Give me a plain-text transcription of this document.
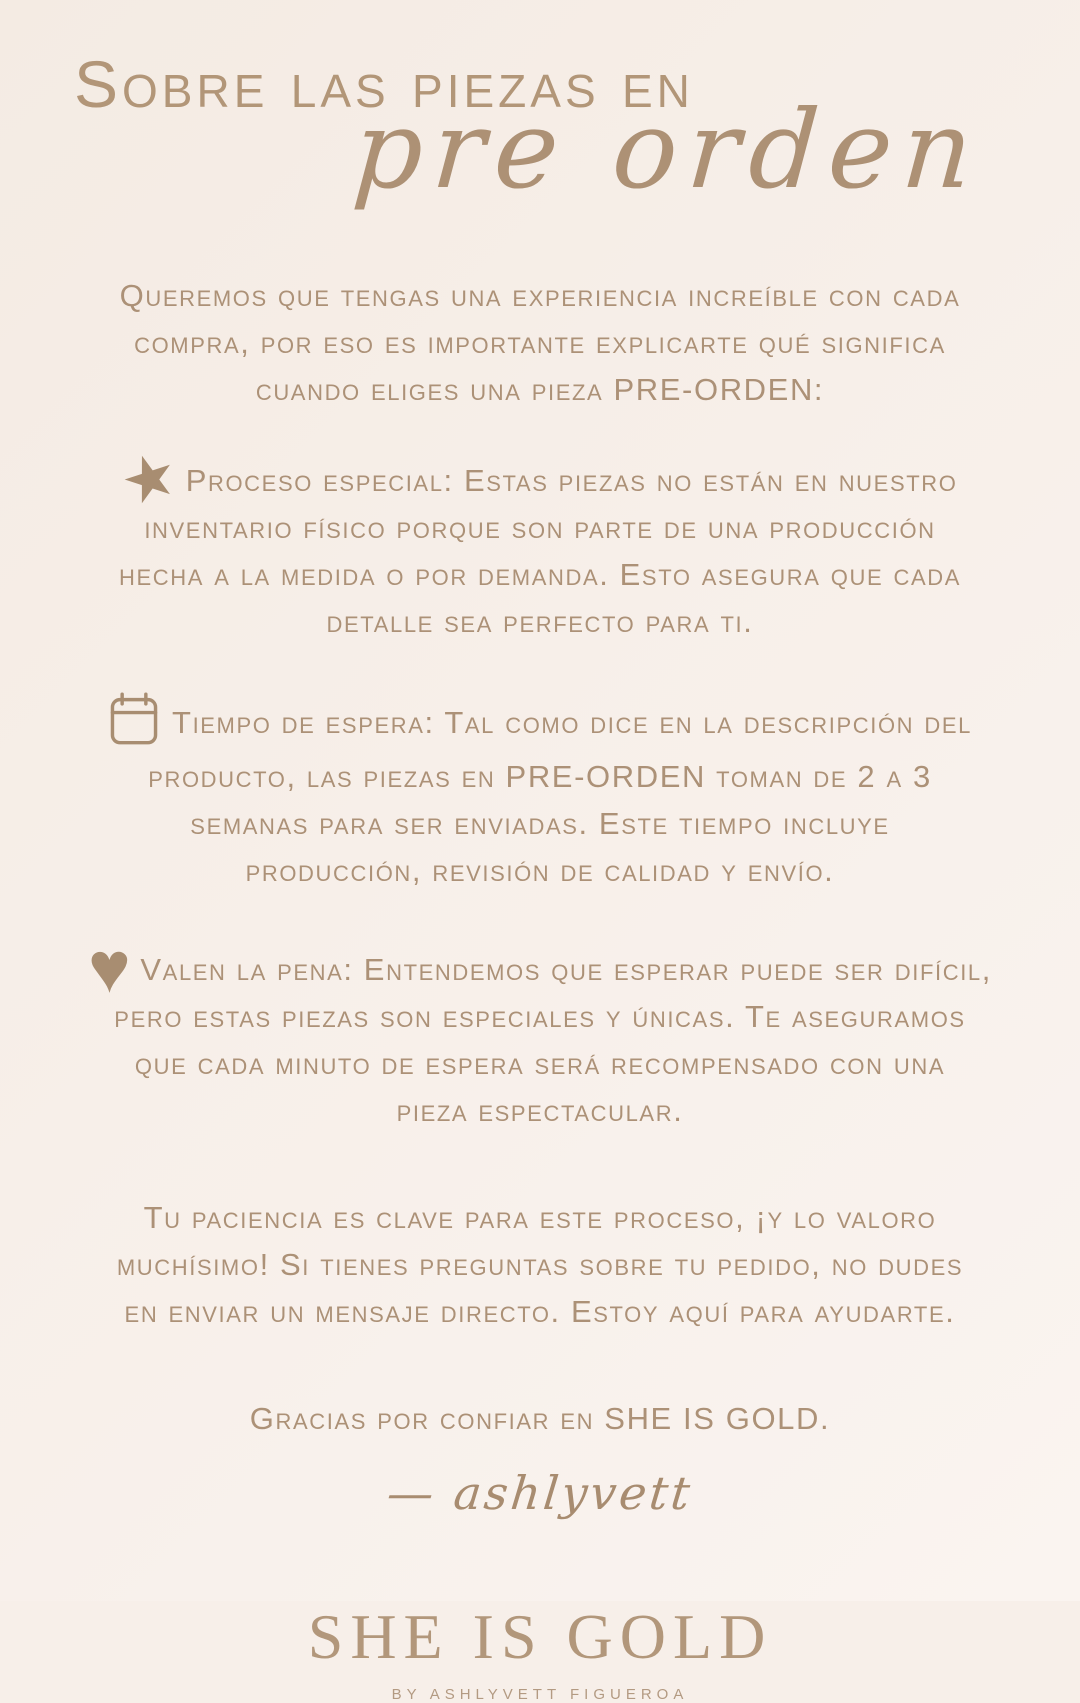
Sobre las piezas en
pre orden

Queremos que tengas una experiencia increíble con cada
compra, por eso es importante explicarte qué significa
cuando eliges una pieza PRE-ORDEN:

★Proceso especial: Estas piezas no están en nuestro
inventario físico porque son parte de una producción
hecha a la medida o por demanda. Esto asegura que cada
detalle sea perfecto para ti.

Tiempo de espera: Tal como dice en la descripción del
producto, las piezas en PRE-ORDEN toman de 2 a 3
semanas para ser enviadas. Este tiempo incluye
producción, revisión de calidad y envío.

♥ Valen la pena: Entendemos que esperar puede ser difícil,
pero estas piezas son especiales y únicas. Te aseguramos
que cada minuto de espera será recompensado con una
pieza espectacular.

Tu paciencia es clave para este proceso, ¡y lo valoro
muchísimo! Si tienes preguntas sobre tu pedido, no dudes
en enviar un mensaje directo. Estoy aquí para ayudarte.

Gracias por confiar en SHE IS GOLD.

— ashlyvett
SHE IS GOLD
BY ASHLYVETT FIGUEROA
